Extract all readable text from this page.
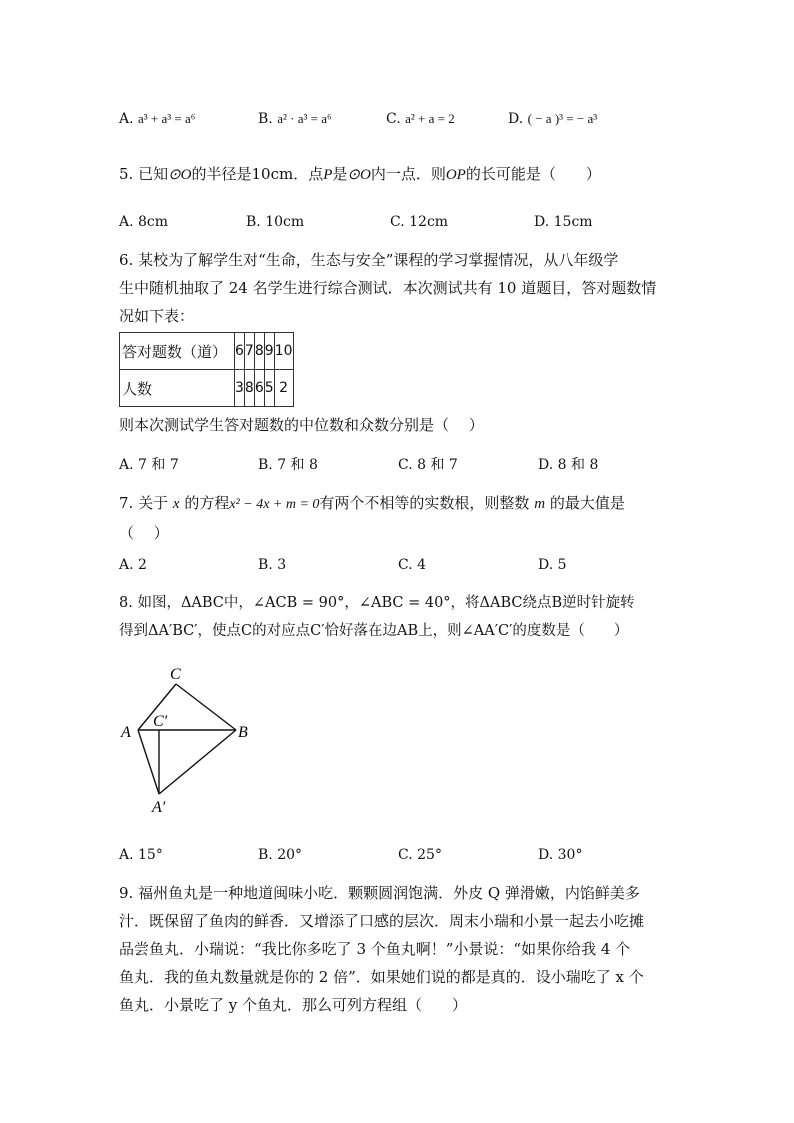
A. a³ + a³ = a⁶	B. a² · a³ = a⁶	C. a² + a = 2	D. ( − a )³ = − a³
5. 已知⊙O的半径是10cm．点P是⊙O内一点．则OP的长可能是（　　）
A. 8cm	B. 10cm	C. 12cm	D. 15cm
6. 某校为了解学生对“生命，生态与安全”课程的学习掌握情况，从八年级学
生中随机抽取了 24 名学生进行综合测试．本次测试共有 10 道题目，答对题数情
况如下表：
答对题数（道）	6	7	8	9	10
人数	3	8	6	5	2
则本次测试学生答对题数的中位数和众数分别是（　 ）
A. 7 和 7	B. 7 和 8	C. 8 和 7	D. 8 和 8
7. 关于 x 的方程x² − 4x + m = 0有两个不相等的实数根，则整数 m 的最大值是
（　 ）
A. 2	B. 3	C. 4	D. 5
8. 如图，ΔABC中，∠ACB = 90°，∠ABC = 40°，将ΔABC绕点B逆时针旋转
得到ΔA′BC′，使点C的对应点C′恰好落在边AB上，则∠AA′C′的度数是（　　）
C
A
C′
B
A′
A. 15°	B. 20°	C. 25°	D. 30°
9. 福州鱼丸是一种地道闽味小吃．颗颗圆润饱满．外皮 Q 弹滑嫩，内馅鲜美多
汁．既保留了鱼肉的鲜香．又增添了口感的层次．周末小瑞和小景一起去小吃摊
品尝鱼丸．小瑞说：“我比你多吃了 3 个鱼丸啊！”小景说：“如果你给我 4 个
鱼丸．我的鱼丸数量就是你的 2 倍”．如果她们说的都是真的．设小瑞吃了 x 个
鱼丸．小景吃了 y 个鱼丸．那么可列方程组（　　）
